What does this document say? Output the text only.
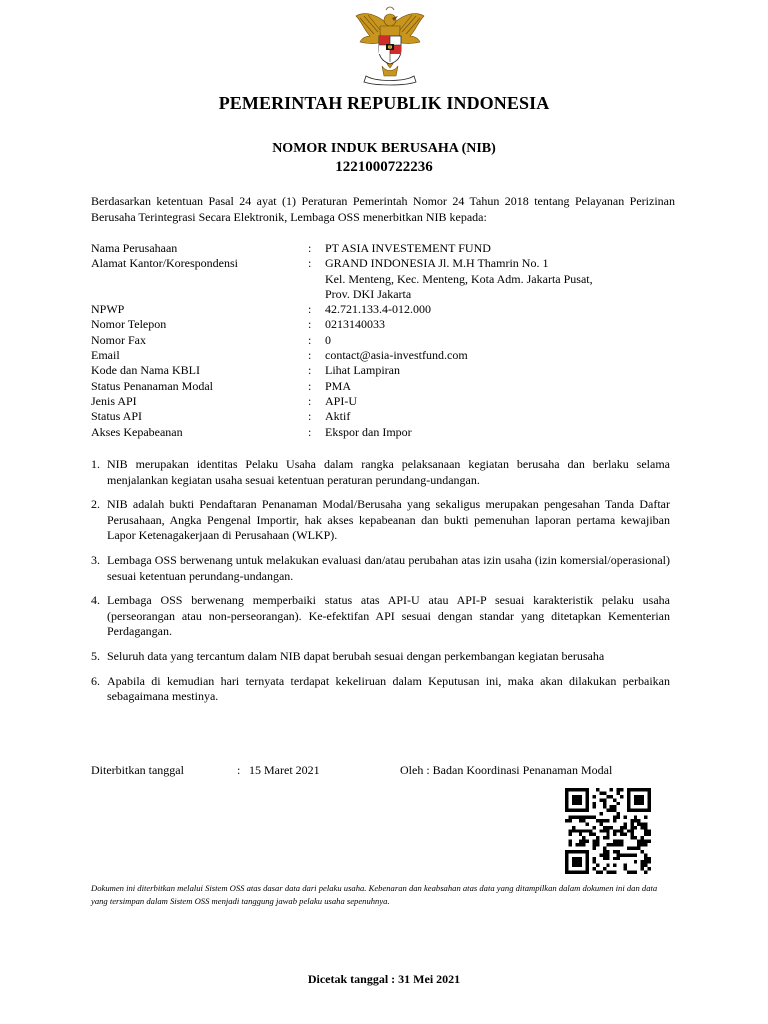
PEMERINTAH REPUBLIK INDONESIA
NOMOR INDUK BERUSAHA (NIB)
1221000722236
Berdasarkan ketentuan Pasal 24 ayat (1) Peraturan Pemerintah Nomor 24 Tahun 2018 tentang Pelayanan Perizinan Berusaha Terintegrasi Secara Elektronik, Lembaga OSS menerbitkan NIB kepada:
Nama Perusahaan	:	PT ASIA INVESTEMENT FUND
Alamat Kantor/Korespondensi	:	GRAND INDONESIA Jl. M.H Thamrin No. 1
Kel. Menteng, Kec. Menteng, Kota Adm. Jakarta Pusat,
Prov. DKI Jakarta
NPWP	:	42.721.133.4-012.000
Nomor Telepon	:	0213140033
Nomor Fax	:	0
Email	:	contact@asia-investfund.com
Kode dan Nama KBLI	:	Lihat Lampiran
Status Penanaman Modal	:	PMA
Jenis API	:	API-U
Status API	:	Aktif
Akses Kepabeanan	:	Ekspor dan Impor
1. NIB merupakan identitas Pelaku Usaha dalam rangka pelaksanaan kegiatan berusaha dan berlaku selama menjalankan kegiatan usaha sesuai ketentuan peraturan perundang-undangan.
2. NIB adalah bukti Pendaftaran Penanaman Modal/Berusaha yang sekaligus merupakan pengesahan Tanda Daftar Perusahaan, Angka Pengenal Importir, hak akses kepabeanan dan bukti pemenuhan laporan pertama kewajiban Lapor Ketenagakerjaan di Perusahaan (WLKP).
3. Lembaga OSS berwenang untuk melakukan evaluasi dan/atau perubahan atas izin usaha (izin komersial/operasional) sesuai ketentuan perundang-undangan.
4. Lembaga OSS berwenang memperbaiki status atas API-U atau API-P sesuai karakteristik pelaku usaha (perseorangan atau non-perseorangan). Ke-efektifan API sesuai dengan standar yang ditetapkan Kementerian Perdagangan.
5. Seluruh data yang tercantum dalam NIB dapat berubah sesuai dengan perkembangan kegiatan berusaha
6. Apabila di kemudian hari ternyata terdapat kekeliruan dalam Keputusan ini, maka akan dilakukan perbaikan sebagaimana mestinya.
Diterbitkan tanggal	: 15 Maret 2021	Oleh : Badan Koordinasi Penanaman Modal
Dokumen ini diterbitkan melalui Sistem OSS atas dasar data dari pelaku usaha. Kebenaran dan keabsahan atas data yang ditampilkan dalam dokumen ini dan data yang tersimpan dalam Sistem OSS menjadi tanggung jawab pelaku usaha sepenuhnya.
Dicetak tanggal : 31 Mei 2021
